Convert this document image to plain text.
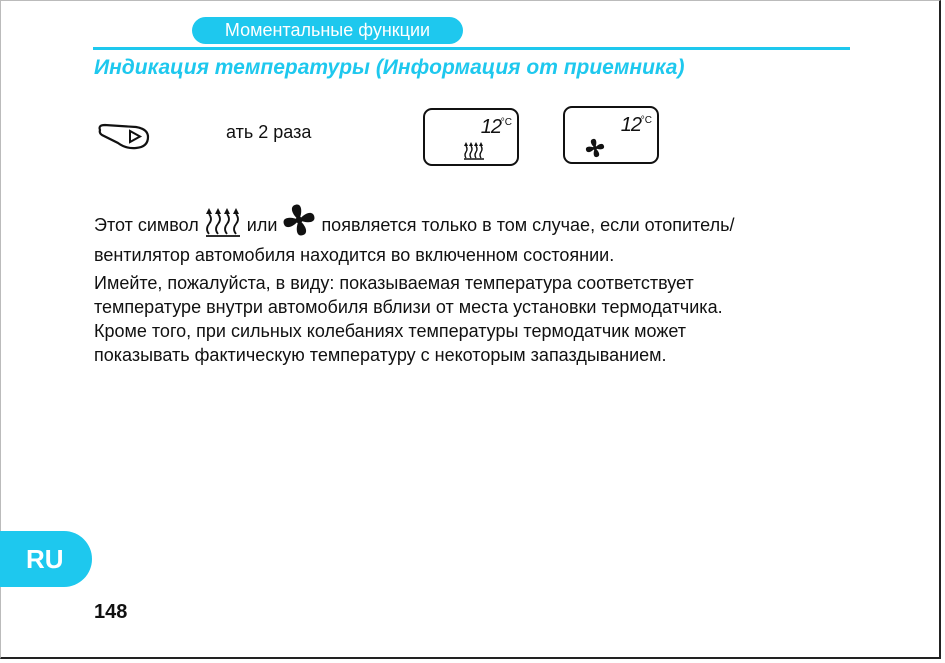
Моментальные функции
Индикация температуры (Информация от приемника)
ать 2 раза	12 °C	12 °C

Этот символ	или появляется только в том случае, если отопитель/
вентилятор автомобиля находится во включенном состоянии.

Имейте, пожалуйста, в виду: показываемая температура соответствует
температуре внутри автомобиля вблизи от места установки термодатчика.
Кроме того, при сильных колебаниях температуры термодатчик может
показывать фактическую температуру с некоторым запаздыванием.

RU
148
